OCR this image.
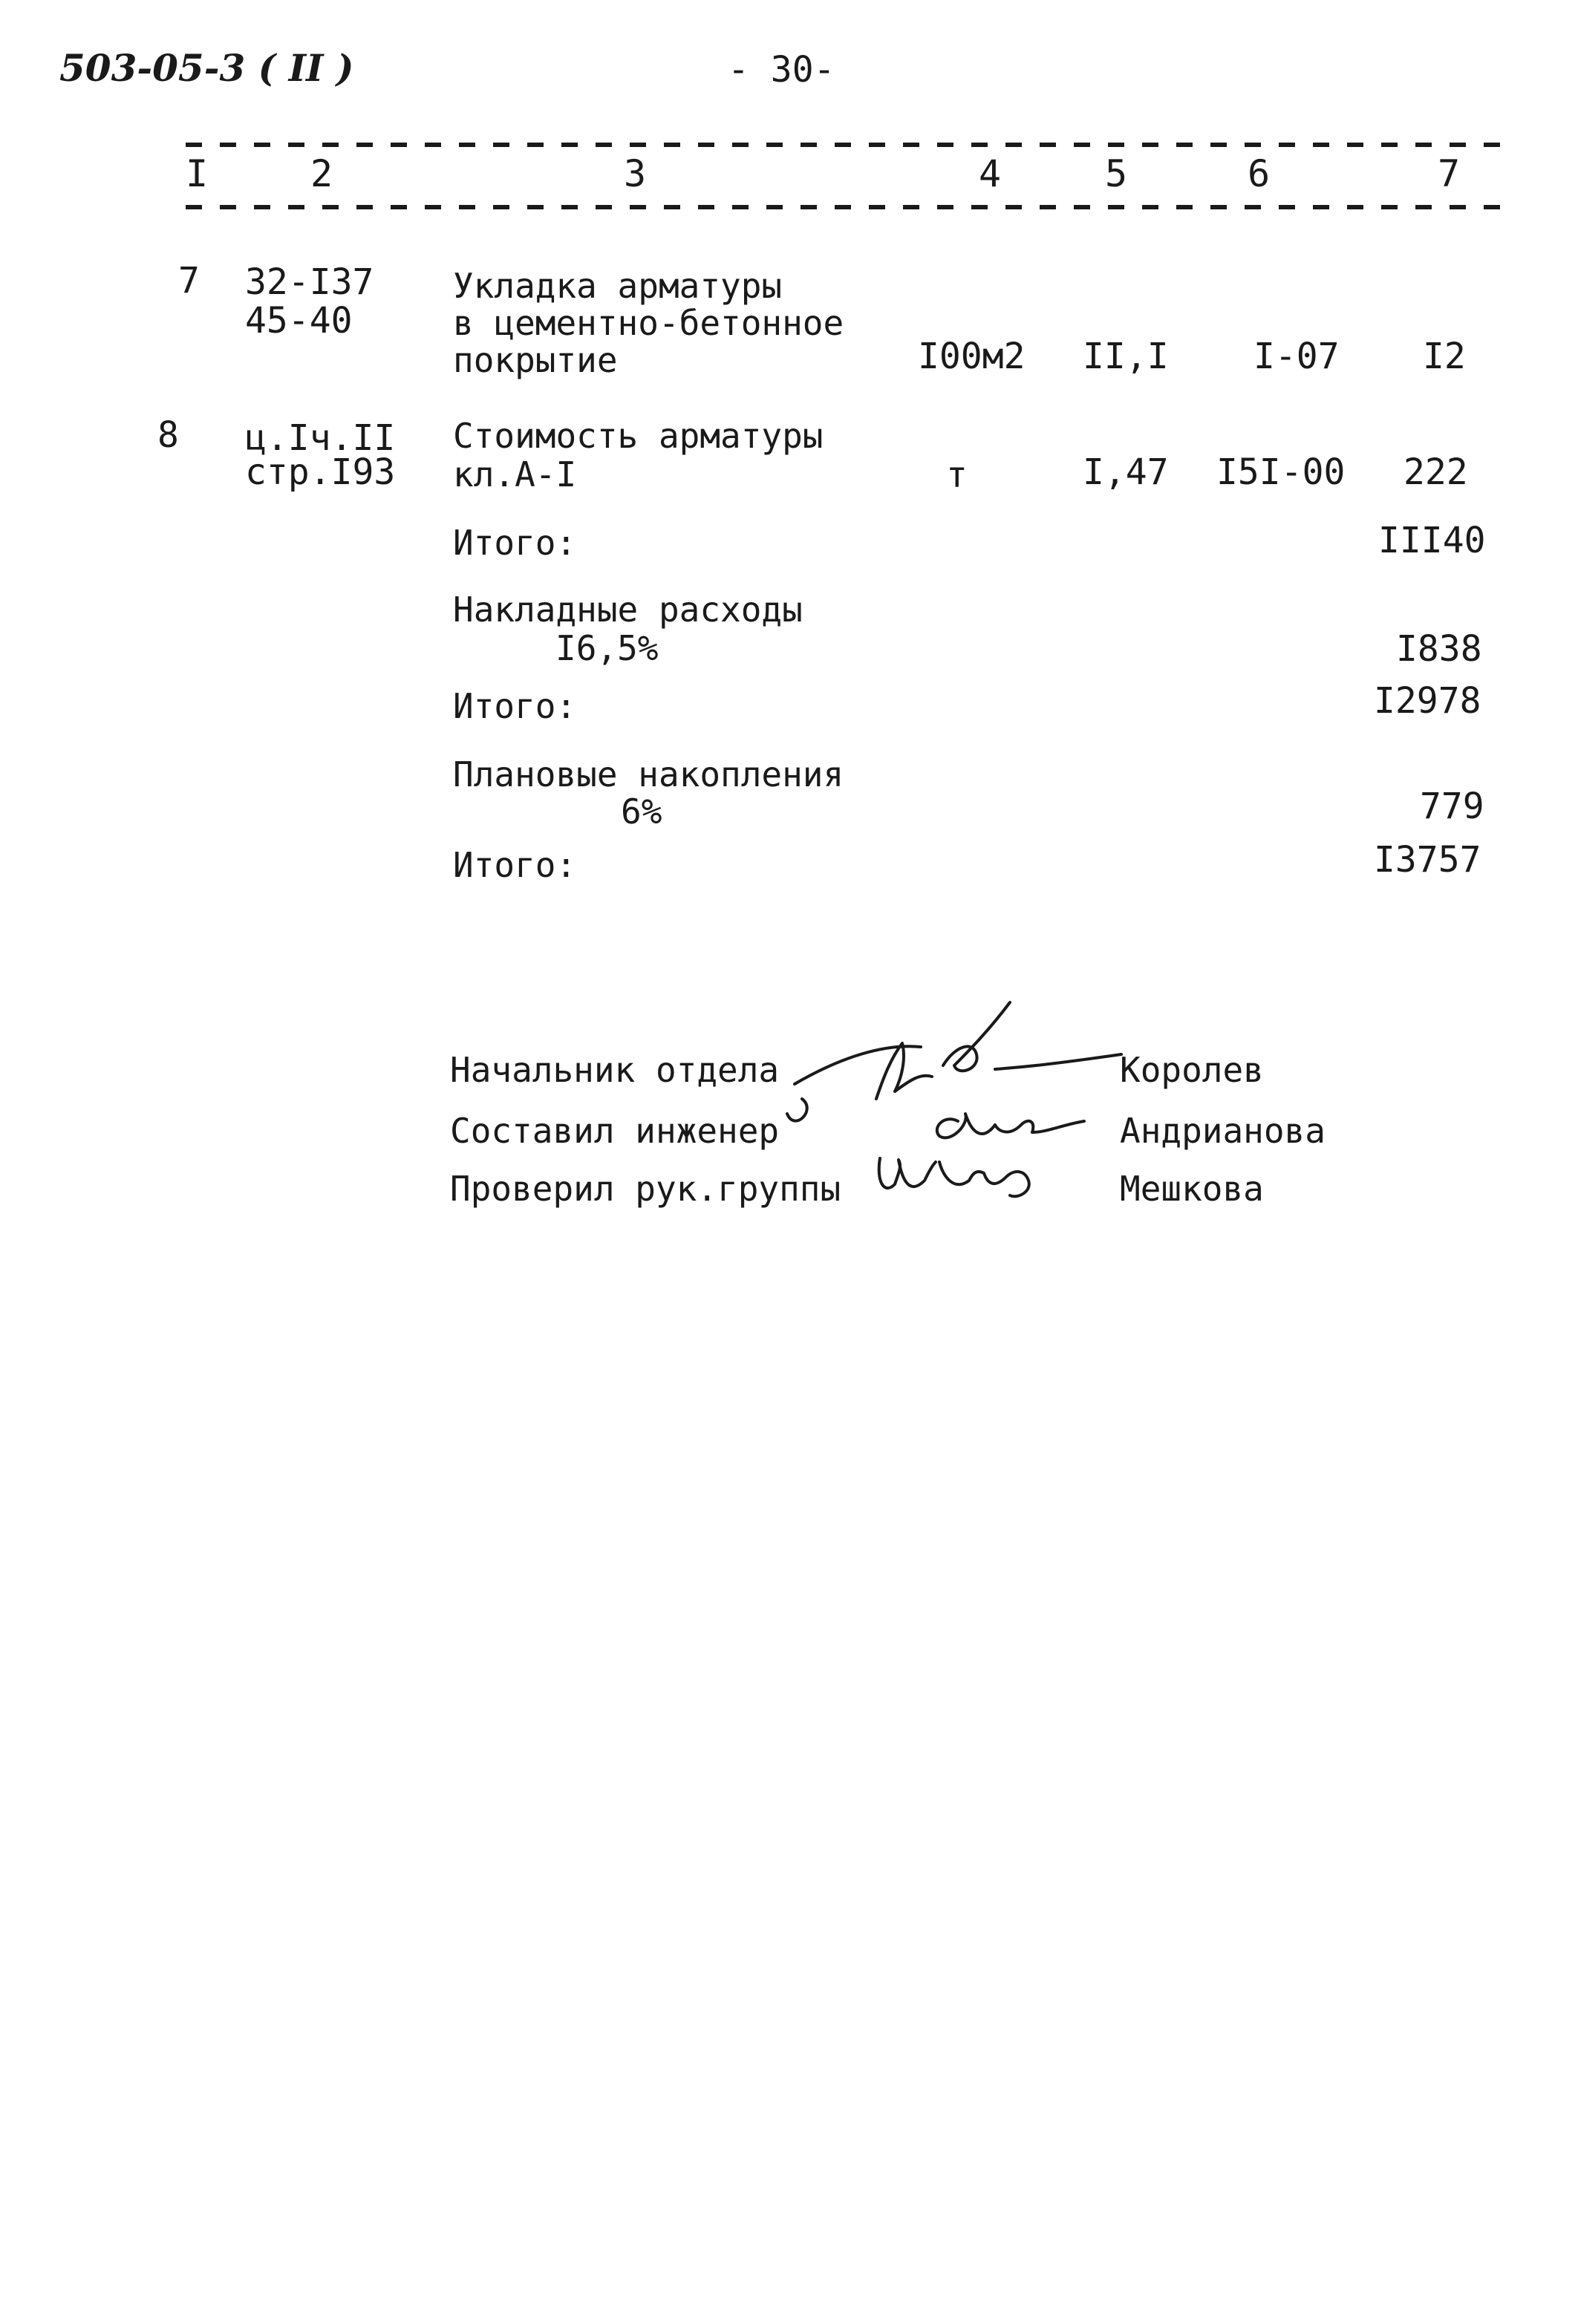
503-05-3 ( II )	- 30-
I	2	3	4	5	6	7
7 32-I37
45-40
Укладка арматуры
в цементно-бетонное
покрытие	I00м2 II,I I-07 I2
8 ц.Iч.II
стр.I93
Стоимость арматуры
кл.А-I	т	I,47 I5I-00 222
Итого:	III40
Накладные расходы
I6,5%	I838
Итого:	I2978
Плановые накопления
6%	779
Итого:	I3757
Начальник отдела	Королев
Составил инженер	Андрианова
Проверил рук.группы	Мешкова
